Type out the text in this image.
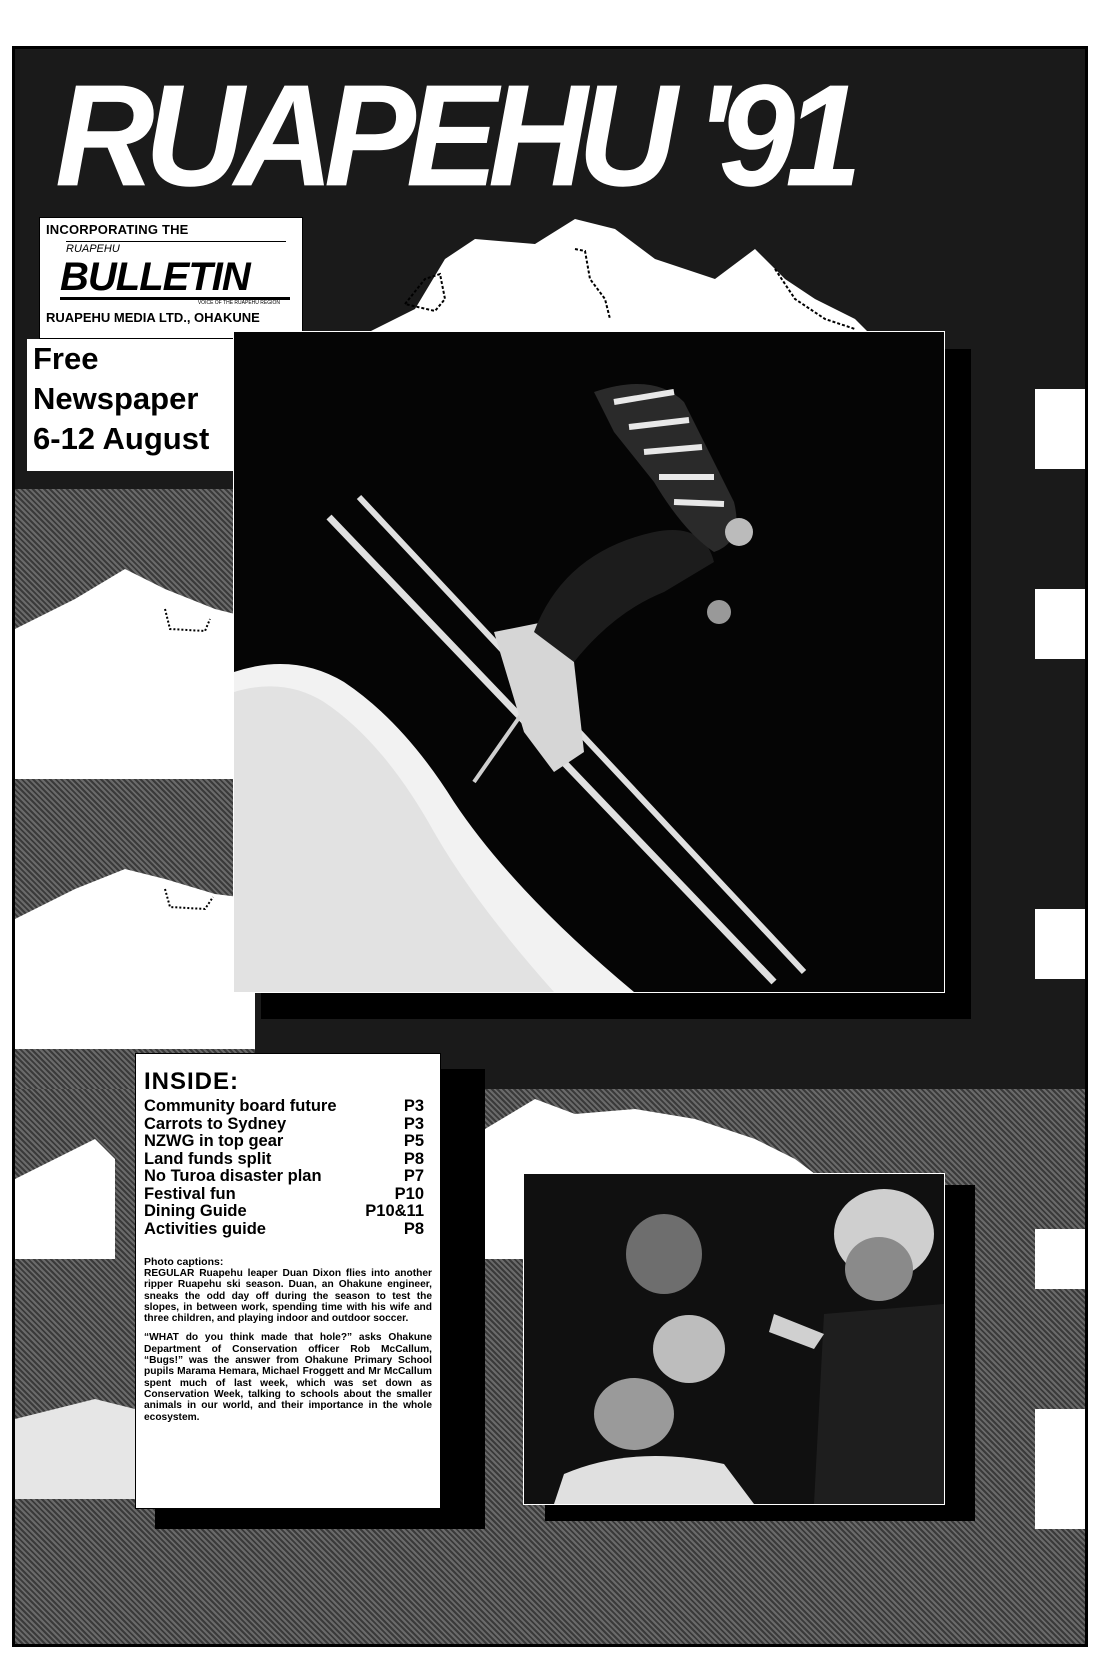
RUAPEHU '91
INCORPORATING THE
RUAPEHU
BULLETIN
VOICE OF THE RUAPEHU REGION
RUAPEHU MEDIA LTD., OHAKUNE
Free
Newspaper
6-12 August
INSIDE:
Community board future	P3
Carrots to Sydney	P3
NZWG in top gear	P5
Land funds split	P8
No Turoa disaster plan	P7
Festival fun	P10
Dining Guide	P10&11
Activities guide	P8
Photo captions:

REGULAR Ruapehu leaper Duan Dixon flies into another ripper Ruapehu ski season. Duan, an Ohakune engineer, sneaks the odd day off during the season to test the slopes, in between work, spending time with his wife and three children, and playing indoor and outdoor soccer.

“WHAT do you think made that hole?” asks Ohakune Department of Conservation officer Rob McCallum, “Bugs!” was the answer from Ohakune Primary School pupils Marama Hemara, Michael Froggett and Mr McCallum spent much of last week, which was set down as Conservation Week, talking to schools about the smaller animals in our world, and their importance in the whole ecosystem.
